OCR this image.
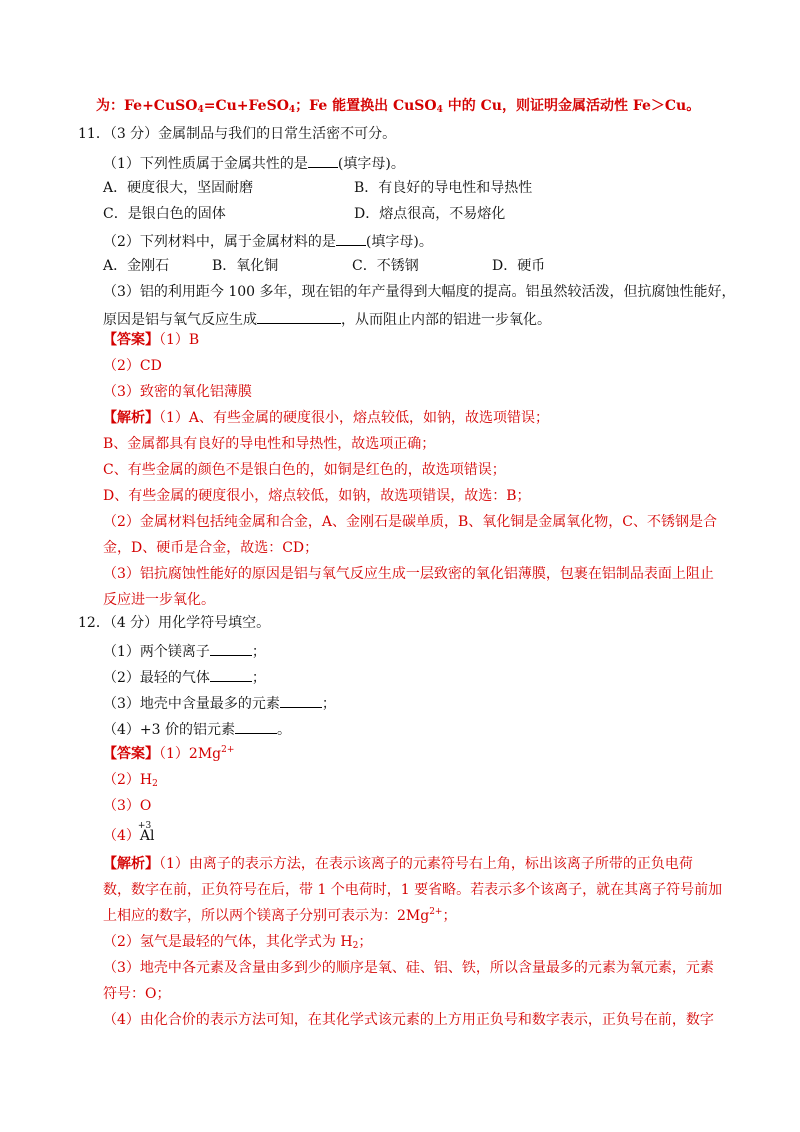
为：Fe+CuSO$_4$=Cu+FeSO$_4$；Fe 能置换出 CuSO$_4$ 中的 Cu，则证明金属活动性 Fe＞Cu。
11．（3 分）金属制品与我们的日常生活密不可分。
（1）下列性质属于金属共性的是 (填字母)。
A．硬度很大，坚固耐磨	B．有良好的导电性和导热性
C．是银白色的固体	D．熔点很高，不易熔化
（2）下列材料中，属于金属材料的是 (填字母)。
A．金刚石	B．氧化铜	C．不锈钢	D．硬币
（3）铝的利用距今 100 多年，现在铝的年产量得到大幅度的提高。铝虽然较活泼，但抗腐蚀性能好，
原因是铝与氧气反应生成	，从而阻止内部的铝进一步氧化。
【答案】（1）B
（2）CD
（3）致密的氧化铝薄膜
【解析】（1）A、有些金属的硬度很小，熔点较低，如钠，故选项错误；
B、金属都具有良好的导电性和导热性，故选项正确；
C、有些金属的颜色不是银白色的，如铜是红色的，故选项错误；
D、有些金属的硬度很小，熔点较低，如钠，故选项错误，故选：B；
（2）金属材料包括纯金属和合金，A、金刚石是碳单质，B、氧化铜是金属氧化物，C、不锈钢是合
金，D、硬币是合金，故选：CD；
（3）铝抗腐蚀性能好的原因是铝与氧气反应生成一层致密的氧化铝薄膜，包裹在铝制品表面上阻止
反应进一步氧化。
12．（4 分）用化学符号填空。
（1）两个镁离子	；
（2）最轻的气体	；
（3）地壳中含量最多的元素	；
（4）+3 价的铝元素	。
【答案】$(1)2Mg^{2+}$
$(2)H_2$
（3）O
（4）
+3
Al
【解析】（1）由离子的表示方法，在表示该离子的元素符号右上角，标出该离子所带的正负电荷
数，数字在前，正负符号在后，带 1 个电荷时，1 要省略。若表示多个该离子，就在其离子符号前加
上相应的数字，所以两个镁离子分别可表示为：$2Mg^{2+}$；
（2）氢气是最轻的气体，其化学式为 $H_2$；
（3）地壳中各元素及含量由多到少的顺序是氧、硅、铝、铁，所以含量最多的元素为氧元素，元素
符号：O；
（4）由化合价的表示方法可知，在其化学式该元素的上方用正负号和数字表示，正负号在前，数字
